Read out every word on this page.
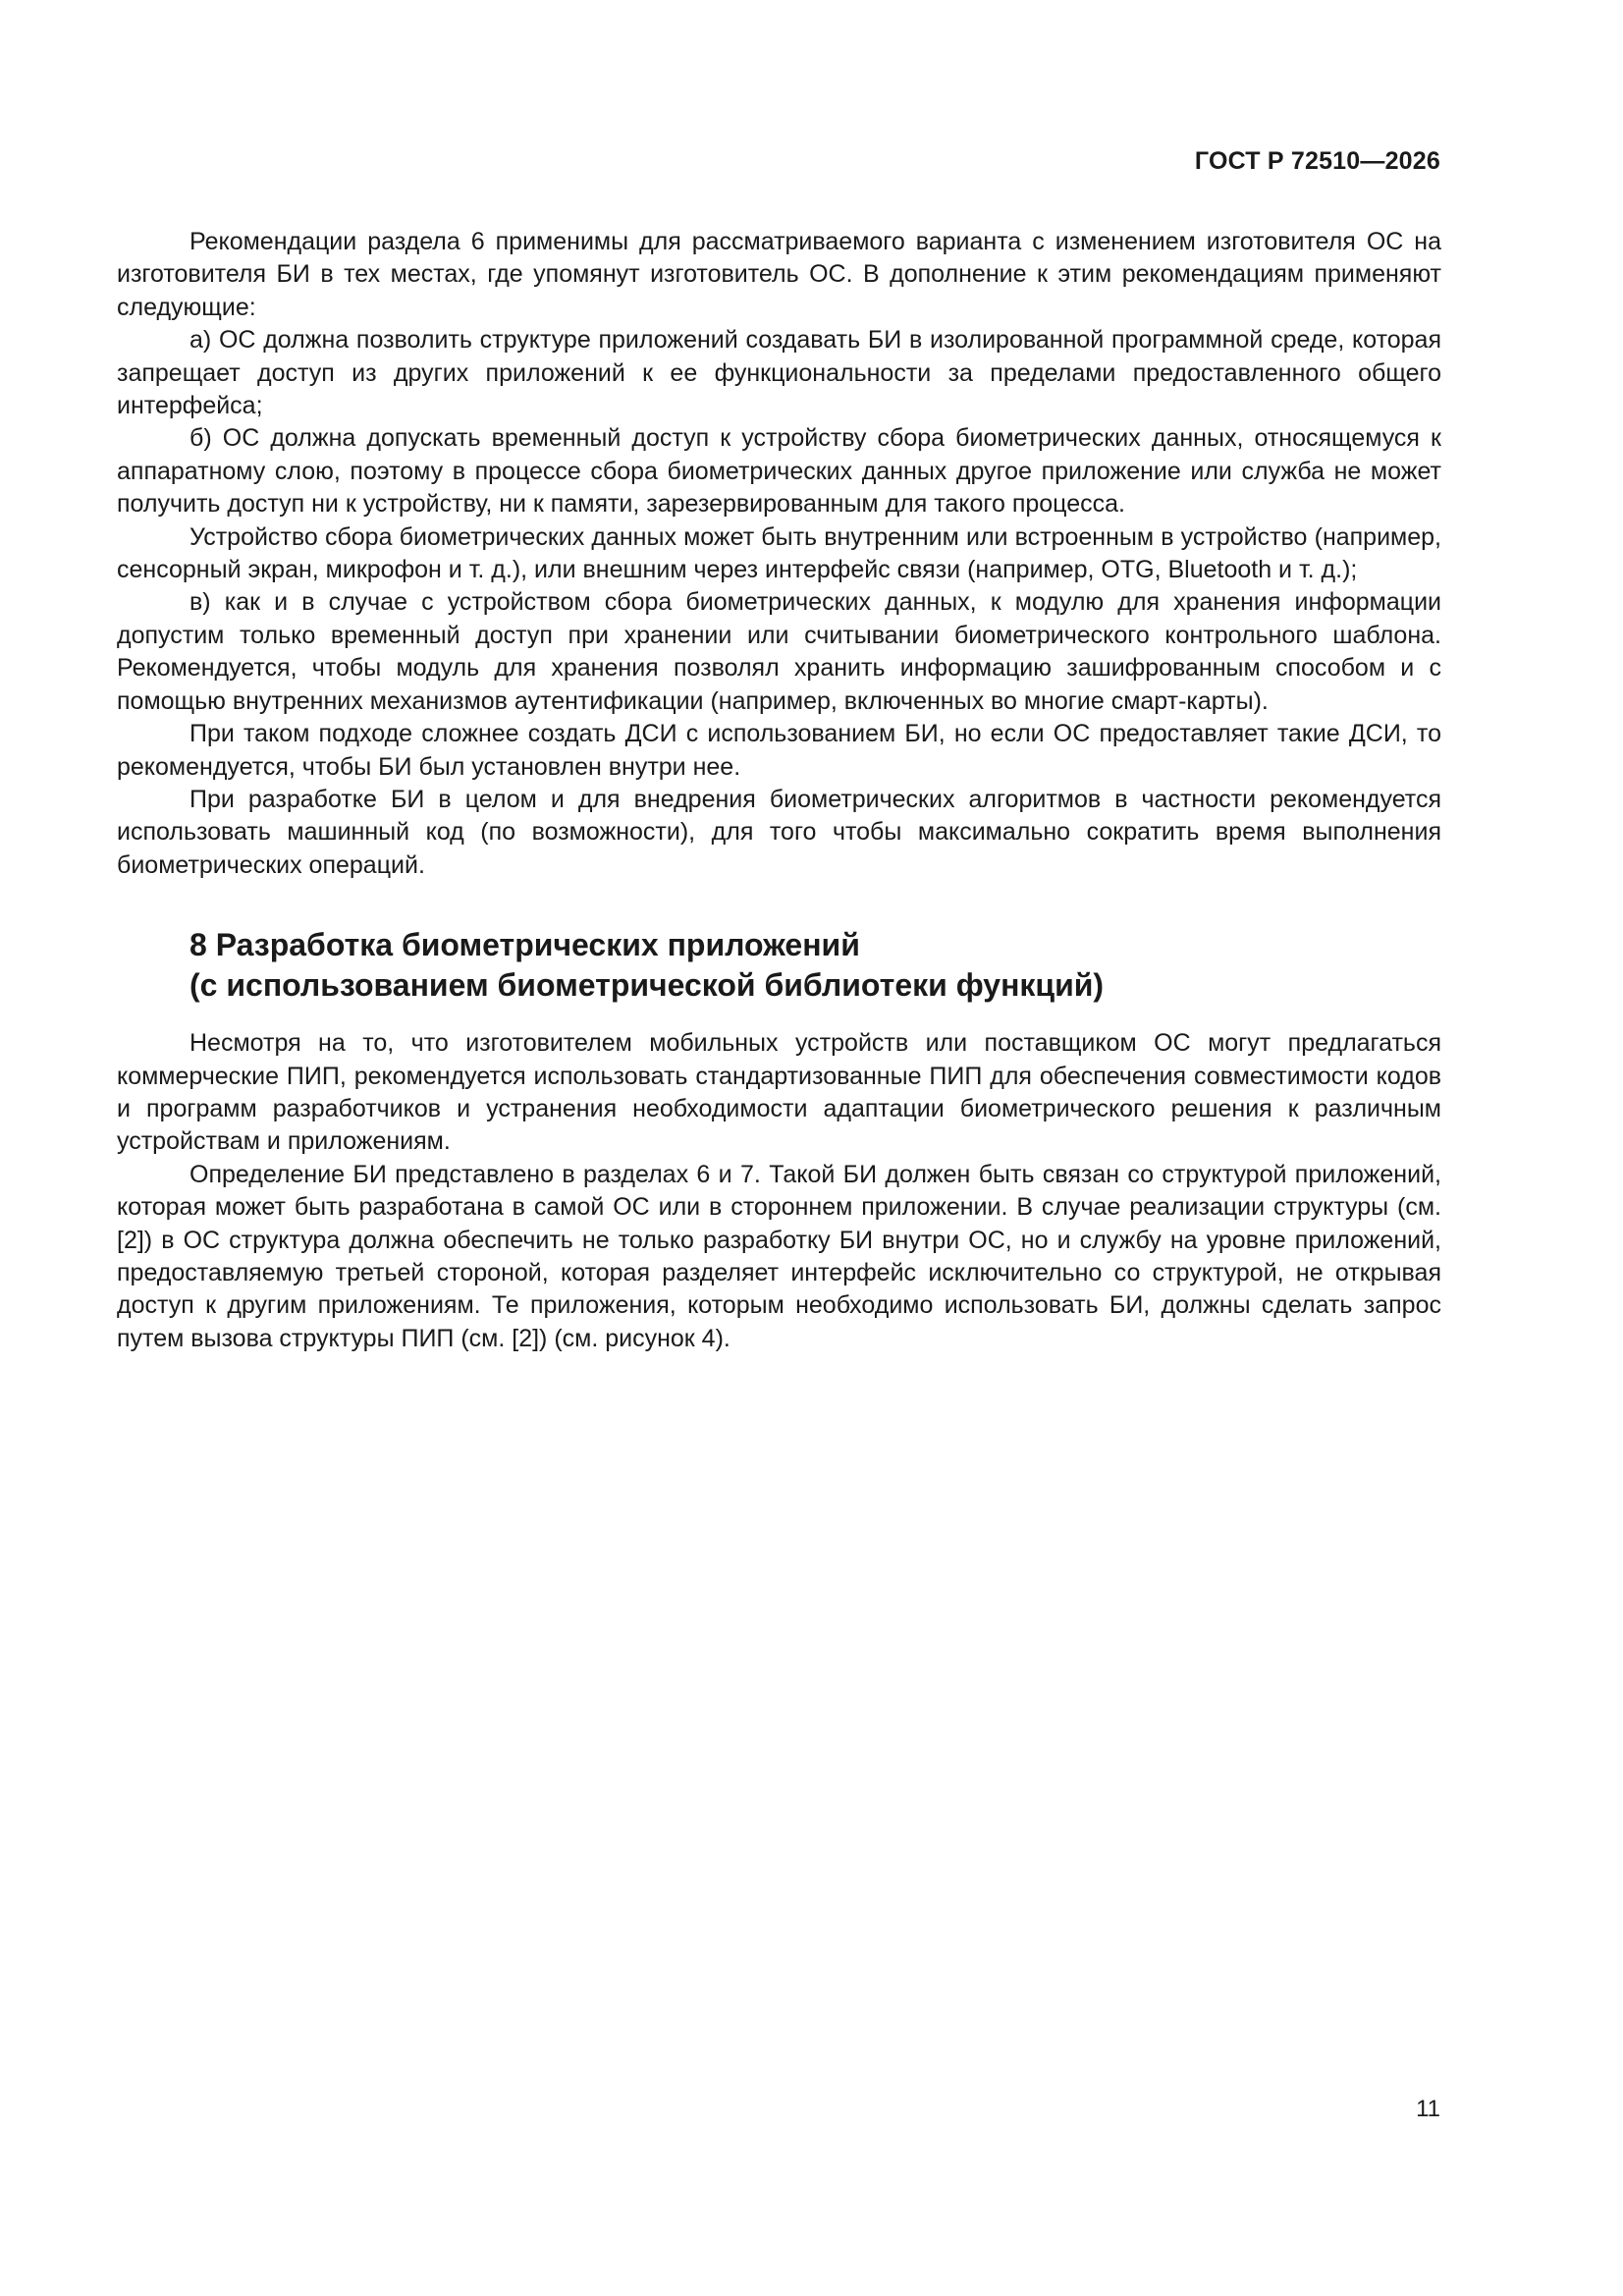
ГОСТ Р 72510—2026

Рекомендации раздела 6 применимы для рассматриваемого варианта с изменением изготовителя ОС на изготовителя БИ в тех местах, где упомянут изготовитель ОС. В дополнение к этим рекомендациям применяют следующие:

а) ОС должна позволить структуре приложений создавать БИ в изолированной программной среде, которая запрещает доступ из других приложений к ее функциональности за пределами предоставленного общего интерфейса;

б) ОС должна допускать временный доступ к устройству сбора биометрических данных, относящемуся к аппаратному слою, поэтому в процессе сбора биометрических данных другое приложение или служба не может получить доступ ни к устройству, ни к памяти, зарезервированным для такого процесса.

Устройство сбора биометрических данных может быть внутренним или встроенным в устройство (например, сенсорный экран, микрофон и т. д.), или внешним через интерфейс связи (например, OTG, Bluetooth и т. д.);

в) как и в случае с устройством сбора биометрических данных, к модулю для хранения информации допустим только временный доступ при хранении или считывании биометрического контрольного шаблона. Рекомендуется, чтобы модуль для хранения позволял хранить информацию зашифрованным способом и с помощью внутренних механизмов аутентификации (например, включенных во многие смарт-карты).

При таком подходе сложнее создать ДСИ с использованием БИ, но если ОС предоставляет такие ДСИ, то рекомендуется, чтобы БИ был установлен внутри нее.

При разработке БИ в целом и для внедрения биометрических алгоритмов в частности рекомендуется использовать машинный код (по возможности), для того чтобы максимально сократить время выполнения биометрических операций.

8 Разработка биометрических приложений
(с использованием биометрической библиотеки функций)

Несмотря на то, что изготовителем мобильных устройств или поставщиком ОС могут предлагаться коммерческие ПИП, рекомендуется использовать стандартизованные ПИП для обеспечения совместимости кодов и программ разработчиков и устранения необходимости адаптации биометрического решения к различным устройствам и приложениям.

Определение БИ представлено в разделах 6 и 7. Такой БИ должен быть связан со структурой приложений, которая может быть разработана в самой ОС или в стороннем приложении. В случае реализации структуры (см. [2]) в ОС структура должна обеспечить не только разработку БИ внутри ОС, но и службу на уровне приложений, предоставляемую третьей стороной, которая разделяет интерфейс исключительно со структурой, не открывая доступ к другим приложениям. Те приложения, которым необходимо использовать БИ, должны сделать запрос путем вызова структуры ПИП (см. [2]) (см. рисунок 4).

11
